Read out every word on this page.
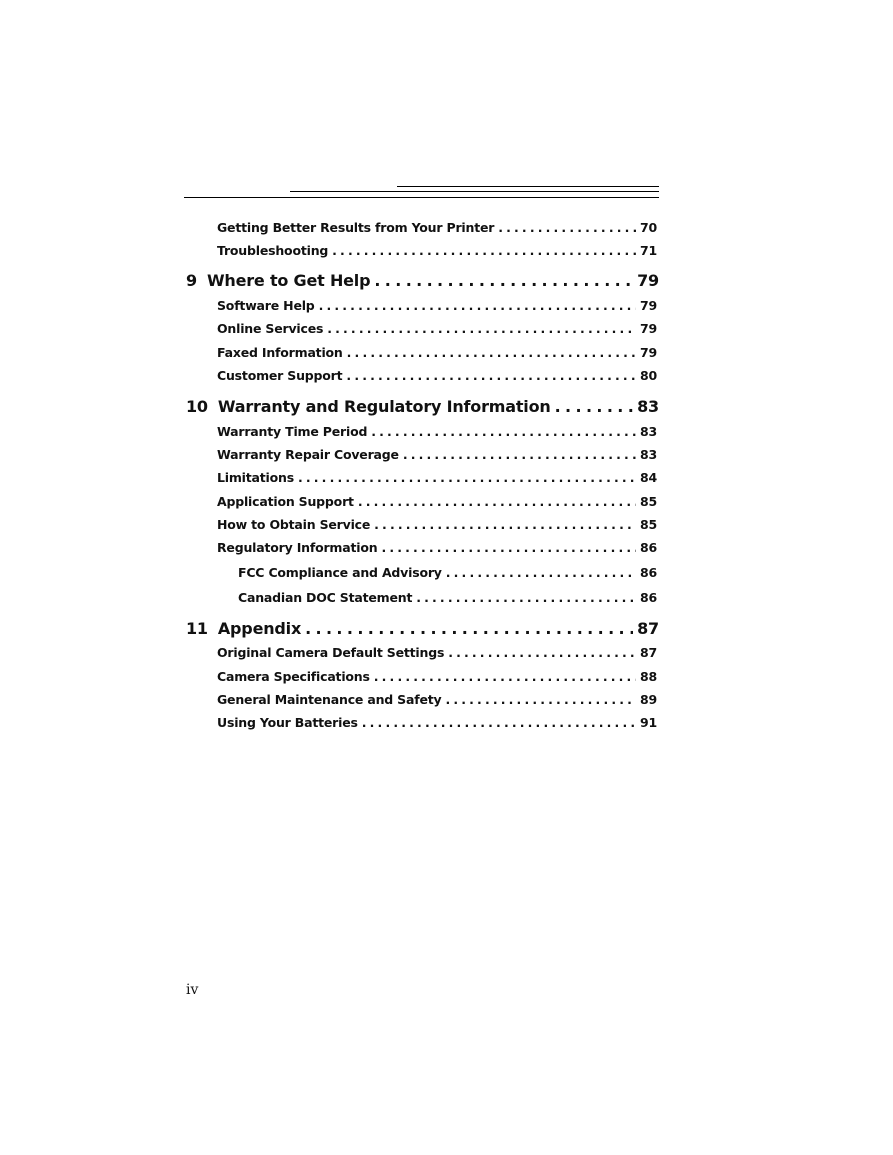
Getting Better Results from Your Printer . . .	70
Troubleshooting . . .	71
9 Where to Get Help . . .	79
Software Help . . .	79
Online Services . . .	79
Faxed Information . . .	79
Customer Support . . .	80
10 Warranty and Regulatory Information . . .	83
Warranty Time Period . . .	83
Warranty Repair Coverage . . .	83
Limitations . . .	84
Application Support . . .	85
How to Obtain Service . . .	85
Regulatory Information . . .	86
FCC Compliance and Advisory . . .	86
Canadian DOC Statement . . .	86
11 Appendix . . .	87
Original Camera Default Settings . . .	87
Camera Specifications . . .	88
General Maintenance and Safety . . .	89
Using Your Batteries . . .	91
iv
